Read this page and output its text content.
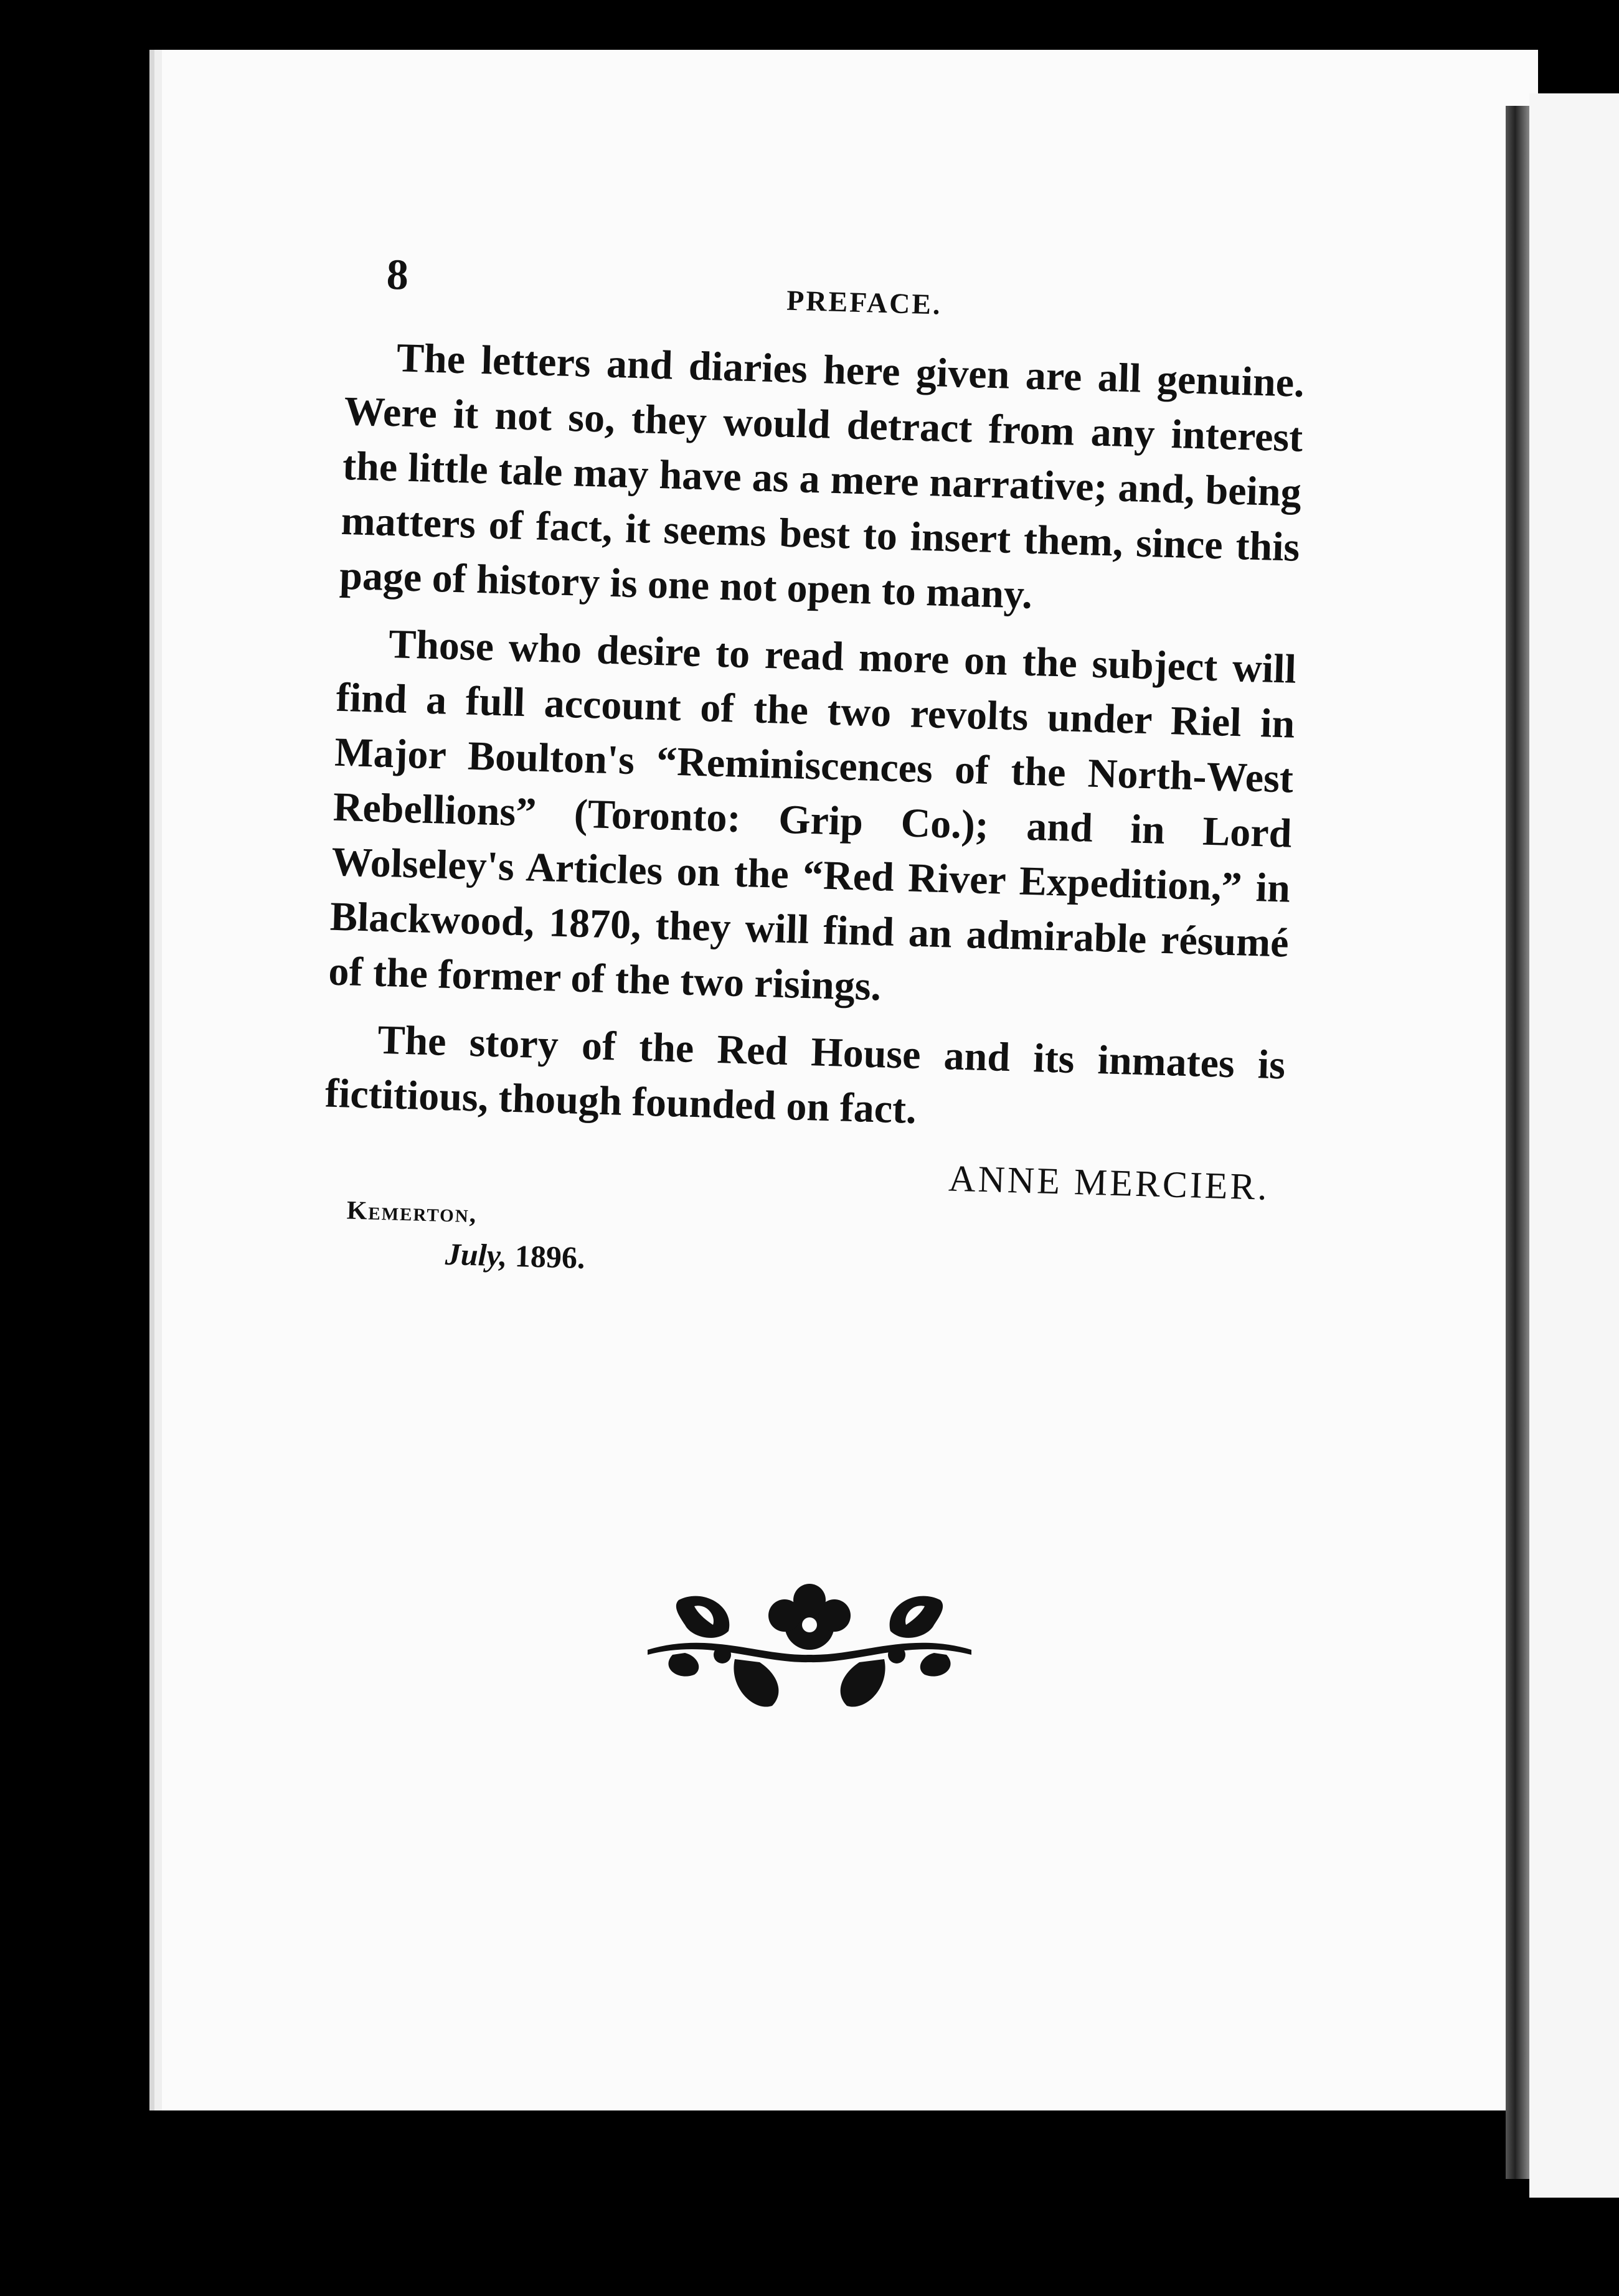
8
PREFACE.

The letters and diaries here given are all genuine. Were it not so, they would detract from any interest the little tale may have as a mere narrative; and, being matters of fact, it seems best to insert them, since this page of history is one not open to many.

Those who desire to read more on the subject will find a full account of the two revolts under Riel in Major Boulton's “Reminiscences of the North-West Rebellions” (Toronto: Grip Co.); and in Lord Wolseley's Articles on the “Red River Expedition,” in Blackwood, 1870, they will find an admirable résumé of the former of the two risings.

The story of the Red House and its inmates is fictitious, though founded on fact.

ANNE MERCIER.
Kemerton,
July, 1896.
